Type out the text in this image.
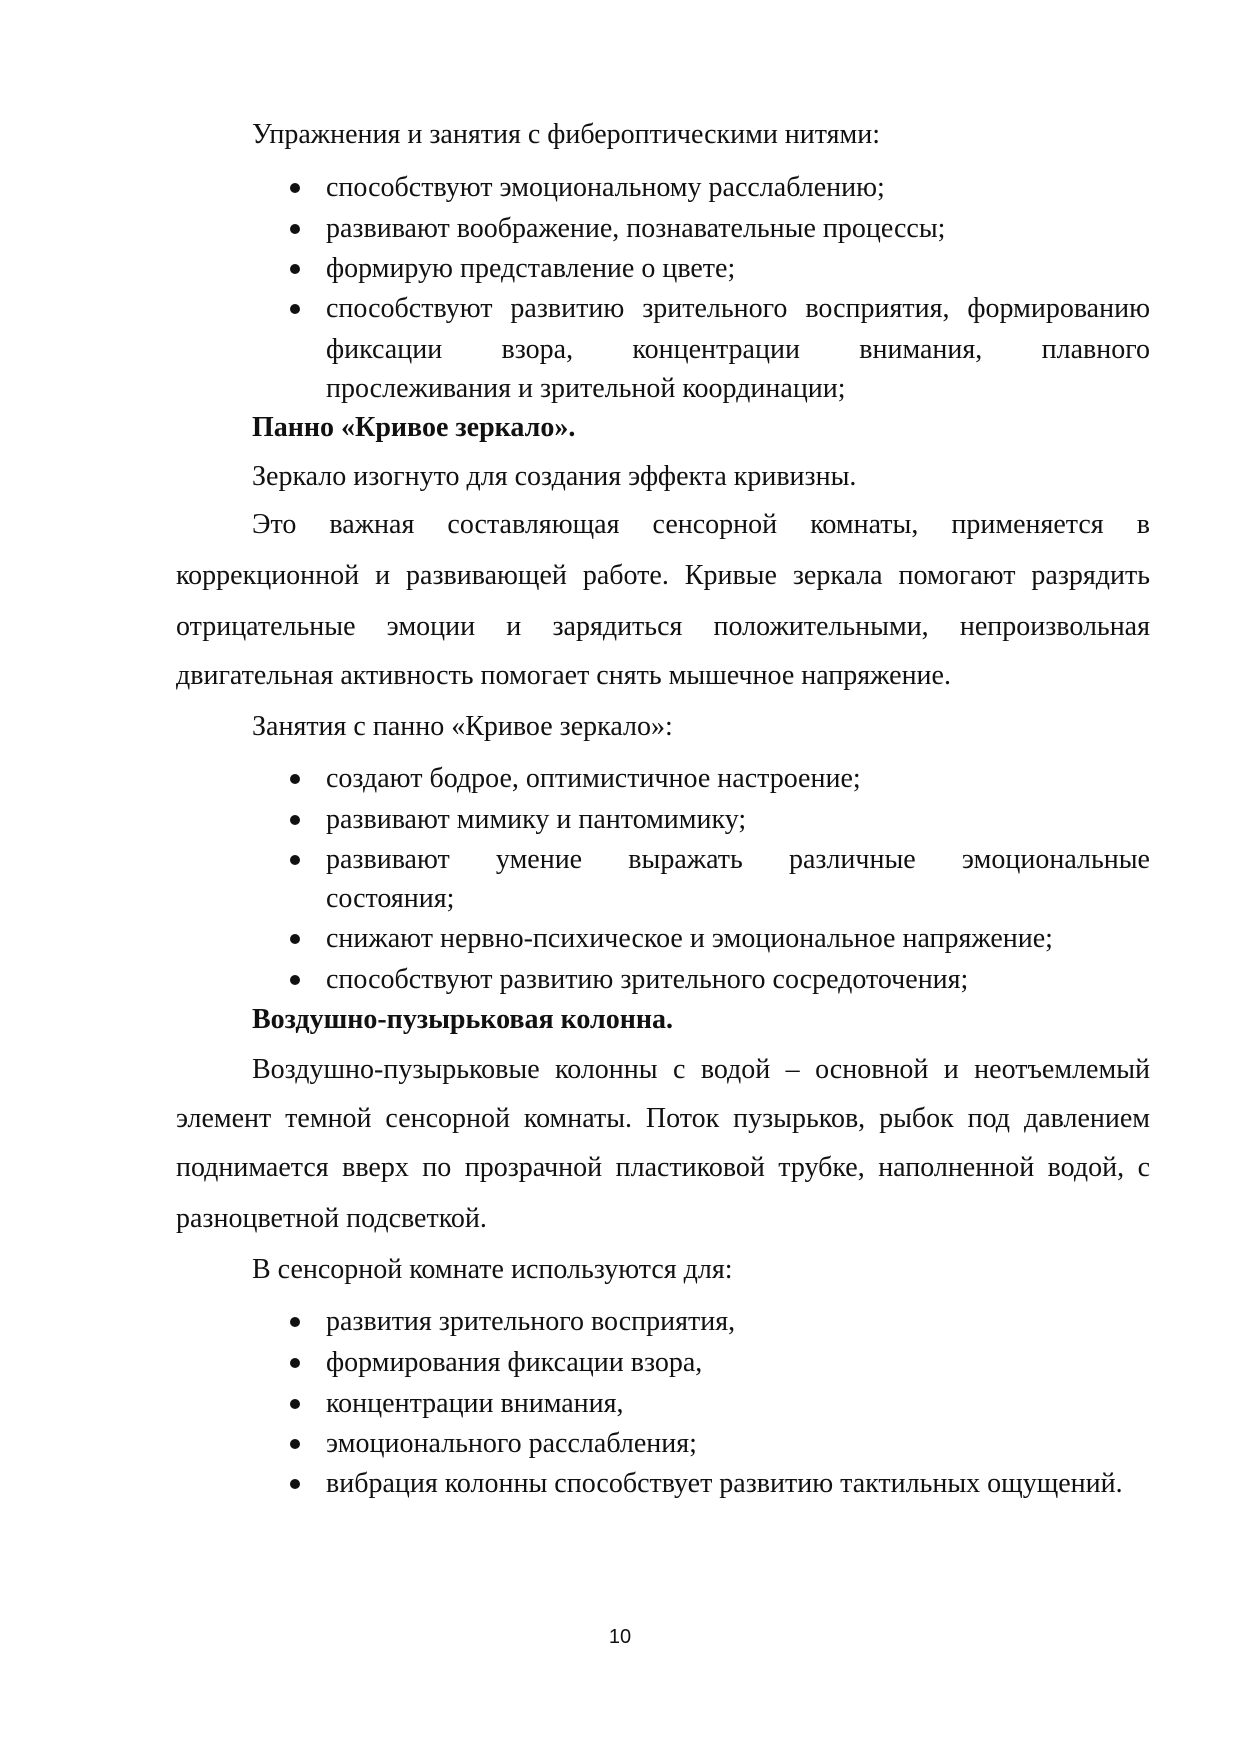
Упражнения и занятия с фибероптическими нитями:
способствуют эмоциональному расслаблению;
развивают воображение, познавательные процессы;
формирую представление о цвете;
способствуют развитию зрительного восприятия, формированию
фиксации взора, концентрации внимания, плавного
прослеживания и зрительной координации;
Панно «Кривое зеркало».
Зеркало изогнуто для создания эффекта кривизны.
Это важная составляющая сенсорной комнаты, применяется в
коррекционной и развивающей работе. Кривые зеркала помогают разрядить
отрицательные эмоции и зарядиться положительными, непроизвольная
двигательная активность помогает снять мышечное напряжение.
Занятия с панно «Кривое зеркало»:
создают бодрое, оптимистичное настроение;
развивают мимику и пантомимику;
развивают умение выражать различные эмоциональные
состояния;
снижают нервно-психическое и эмоциональное напряжение;
способствуют развитию зрительного сосредоточения;
Воздушно-пузырьковая колонна.
Воздушно-пузырьковые колонны с водой – основной и неотъемлемый
элемент темной сенсорной комнаты. Поток пузырьков, рыбок под давлением
поднимается вверх по прозрачной пластиковой трубке, наполненной водой, с
разноцветной подсветкой.
В сенсорной комнате используются для:
развития зрительного восприятия,
формирования фиксации взора,
концентрации внимания,
эмоционального расслабления;
вибрация колонны способствует развитию тактильных ощущений.
10
